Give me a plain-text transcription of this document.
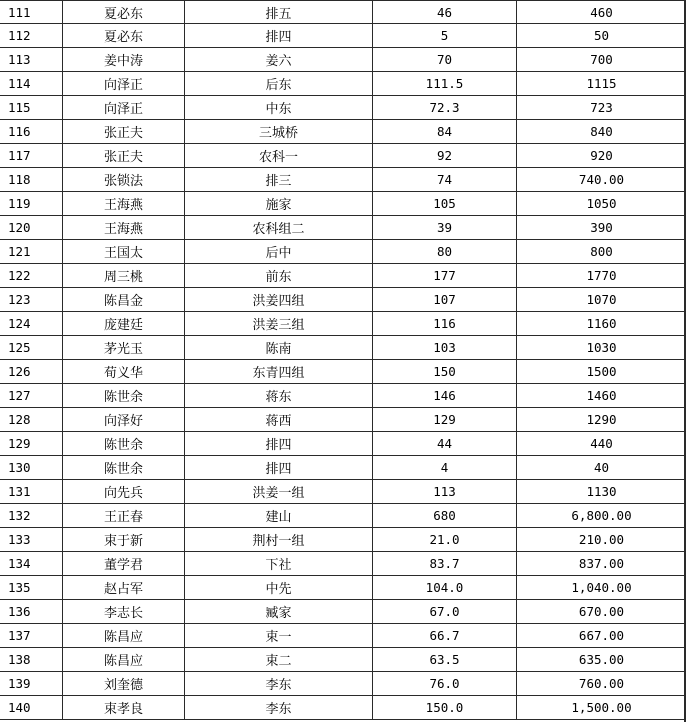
111	夏必东	排五	46	460
112	夏必东	排四	5	50
113	姜中涛	姜六	70	700
114	向泽正	后东	111.5	1115
115	向泽正	中东	72.3	723
116	张正夫	三城桥	84	840
117	张正夫	农科一	92	920
118	张锁法	排三	74	740.00
119	王海燕	施家	105	1050
120	王海燕	农科组二	39	390
121	王国太	后中	80	800
122	周三桃	前东	177	1770
123	陈昌金	洪姜四组	107	1070
124	庞建廷	洪姜三组	116	1160
125	茅光玉	陈南	103	1030
126	荀义华	东青四组	150	1500
127	陈世余	蒋东	146	1460
128	向泽好	蒋西	129	1290
129	陈世余	排四	44	440
130	陈世余	排四	4	40
131	向先兵	洪姜一组	113	1130
132	王正春	建山	680	6,800.00
133	束于新	荆村一组	21.0	210.00
134	董学君	下社	83.7	837.00
135	赵占军	中先	104.0	1,040.00
136	李志长	臧家	67.0	670.00
137	陈昌应	束一	66.7	667.00
138	陈昌应	束二	63.5	635.00
139	刘奎德	李东	76.0	760.00
140	束孝良	李东	150.0	1,500.00
